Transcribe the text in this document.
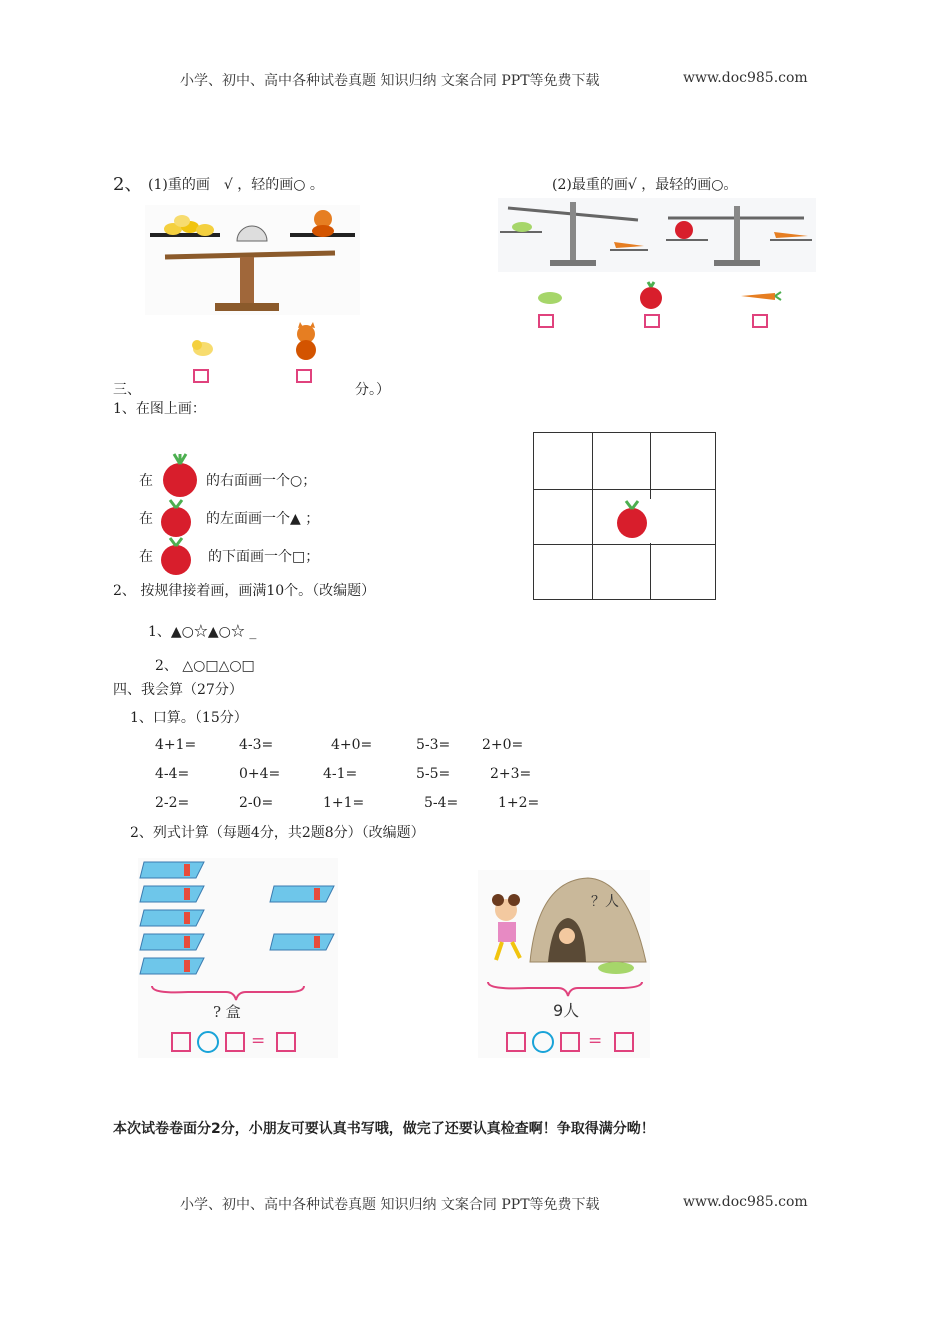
小学、初中、高中各种试卷真题 知识归纳 文案合同 PPT等免费下载	www.doc985.com
2、 (1)重的画　√ ，轻的画○ 。	(2)最重的画√ ，最轻的画○。
三、	分。）
1、在图上画：
在	的右面画一个○；
在	的左面画一个▲ ；
在	的下面画一个□；
2、 按规律接着画，画满10个。（改编题）
1、▲○☆▲○☆ _
2、 △○□△○□
四、我会算（27分）
1、口算。（15分）
4+1=	4-3=	4+0=	5-3= 2+0=
4-4=	0+4=	4-1=	5-5=	2+3=
2-2=	2-0=	1+1=	5-4=	1+2=
2、列式计算（每题4分，共2题8分）（改编题）
? 盒
=
？人
9人
=
本次试卷卷面分2分，小朋友可要认真书写哦，做完了还要认真检查啊！争取得满分呦！
小学、初中、高中各种试卷真题 知识归纳 文案合同 PPT等免费下载	www.doc985.com
